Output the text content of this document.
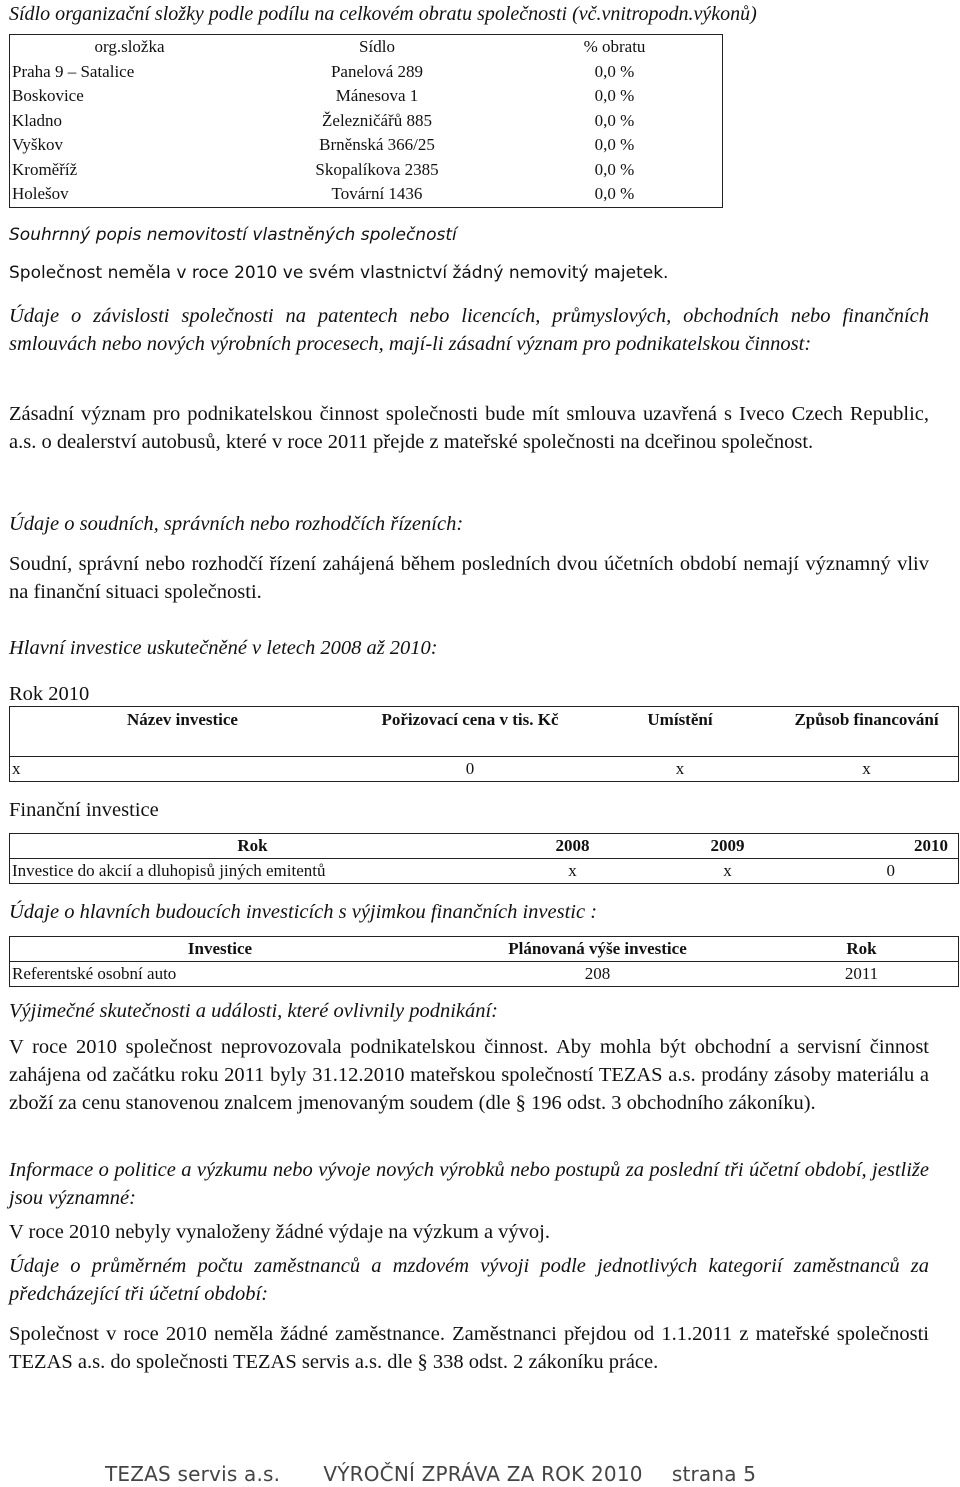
Sídlo organizační složky podle podílu na celkovém obratu společnosti (vč.vnitropodn.výkonů)
org.složka	Sídlo	% obratu
Praha 9 – Satalice	Panelová 289	0,0 %
Boskovice	Mánesova 1	0,0 %
Kladno	Železničářů 885	0,0 %
Vyškov	Brněnská 366/25	0,0 %
Kroměříž	Skopalíkova 2385	0,0 %
Holešov	Tovární 1436	0,0 %
Souhrnný popis nemovitostí vlastněných společností
Společnost neměla v roce 2010 ve svém vlastnictví žádný nemovitý majetek.
Údaje o závislosti společnosti na patentech nebo licencích, průmyslových, obchodních nebo finančních smlouvách nebo nových výrobních procesech, mají-li zásadní význam pro podnikatelskou činnost:
Zásadní význam pro podnikatelskou činnost společnosti bude mít smlouva uzavřená s Iveco Czech Republic, a.s. o dealerství autobusů, které v roce 2011 přejde z mateřské společnosti na dceřinou společnost.
Údaje o soudních, správních nebo rozhodčích řízeních:
Soudní, správní nebo rozhodčí řízení zahájená během posledních dvou účetních období nemají významný vliv na finanční situaci společnosti.
Hlavní investice uskutečněné v letech 2008 až 2010:
Rok 2010
Název investice	Pořizovací cena v tis. Kč	Umístění	Způsob financování
x	0	x	x
Finanční investice
Rok	2008	2009	2010
Investice do akcií a dluhopisů jiných emitentů	x	x	0
Údaje o hlavních budoucích investicích s výjimkou finančních investic :
Investice	Plánovaná výše investice	Rok
Referentské osobní auto	208	2011
Výjimečné skutečnosti a události, které ovlivnily podnikání:
V roce 2010 společnost neprovozovala podnikatelskou činnost. Aby mohla být obchodní a servisní činnost zahájena od začátku roku 2011 byly 31.12.2010 mateřskou společností TEZAS a.s. prodány zásoby materiálu a zboží za cenu stanovenou znalcem jmenovaným soudem (dle § 196 odst. 3 obchodního zákoníku).
Informace o politice a výzkumu nebo vývoje nových výrobků nebo postupů za poslední tři účetní období, jestliže jsou významné:
V roce 2010 nebyly vynaloženy žádné výdaje na výzkum a vývoj.
Údaje o průměrném počtu zaměstnanců a mzdovém vývoji podle jednotlivých kategorií zaměstnanců za předcházející tři účetní období:
Společnost v roce 2010 neměla žádné zaměstnance. Zaměstnanci přejdou od 1.1.2011 z mateřské společnosti TEZAS a.s. do společnosti TEZAS servis a.s. dle § 338 odst. 2 zákoníku práce.
TEZAS servis a.s. VÝROČNÍ ZPRÁVA ZA ROK 2010 strana 5
